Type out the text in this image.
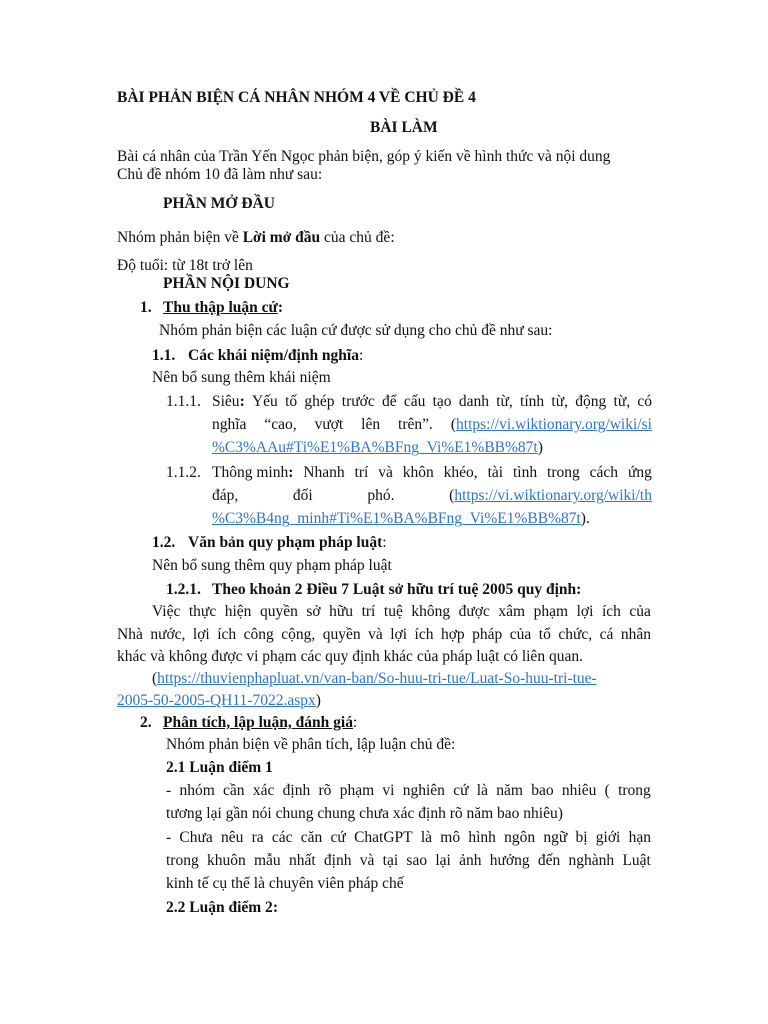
BÀI PHẢN BIỆN CÁ NHÂN NHÓM 4 VỀ CHỦ ĐỀ 4
BÀI LÀM
Bài cá nhân của Trần Yến Ngọc phản biện, góp ý kiến về hình thức và nội dung
Chủ đề nhóm 10 đã làm như sau:
PHẦN MỞ ĐẦU
Nhóm phản biện về Lời mở đầu của chủ đề:
Độ tuổi: từ 18t trở lên
PHẦN NỘI DUNG
1. Thu thập luận cứ:
Nhóm phản biện các luận cứ được sử dụng cho chủ đề như sau:
1.1. Các khái niệm/định nghĩa:
Nên bổ sung thêm khái niệm
1.1.1. Siêu: Yếu tố ghép trước để cấu tạo danh từ, tính từ, động từ, có
nghĩa “cao, vượt lên trên”. (https://vi.wiktionary.org/wiki/si
%C3%AAu#Ti%E1%BA%BFng_Vi%E1%BB%87t)
1.1.2. Thông minh: Nhanh trí và khôn khéo, tài tình trong cách ứng
đáp,	đối	phó.	(https://vi.wiktionary.org/wiki/th
%C3%B4ng_minh#Ti%E1%BA%BFng_Vi%E1%BB%87t).
1.2. Văn bản quy phạm pháp luật:
Nên bổ sung thêm quy phạm pháp luật
1.2.1. Theo khoản 2 Điều 7 Luật sở hữu trí tuệ 2005 quy định:
Việc thực hiện quyền sở hữu trí tuệ không được xâm phạm lợi ích của
Nhà nước, lợi ích công cộng, quyền và lợi ích hợp pháp của tổ chức, cá nhân
khác và không được vi phạm các quy định khác của pháp luật có liên quan.
(https://thuvienphapluat.vn/van-ban/So-huu-tri-tue/Luat-So-huu-tri-tue-
2005-50-2005-QH11-7022.aspx)
2. Phân tích, lập luận, đánh giá:
Nhóm phản biện về phân tích, lập luận chủ đề:
2.1 Luận điểm 1
- nhóm cần xác định rõ phạm vi nghiên cứ là năm bao nhiêu ( trong
tương lại gần nói chung chung chưa xác định rõ năm bao nhiêu)
- Chưa nêu ra các căn cứ ChatGPT là mô hình ngôn ngữ bị giới hạn
trong khuôn mẫu nhất định và tại sao lại ảnh hưởng đến nghành Luật
kinh tế cụ thể là chuyên viên pháp chế
2.2 Luận điểm 2:
